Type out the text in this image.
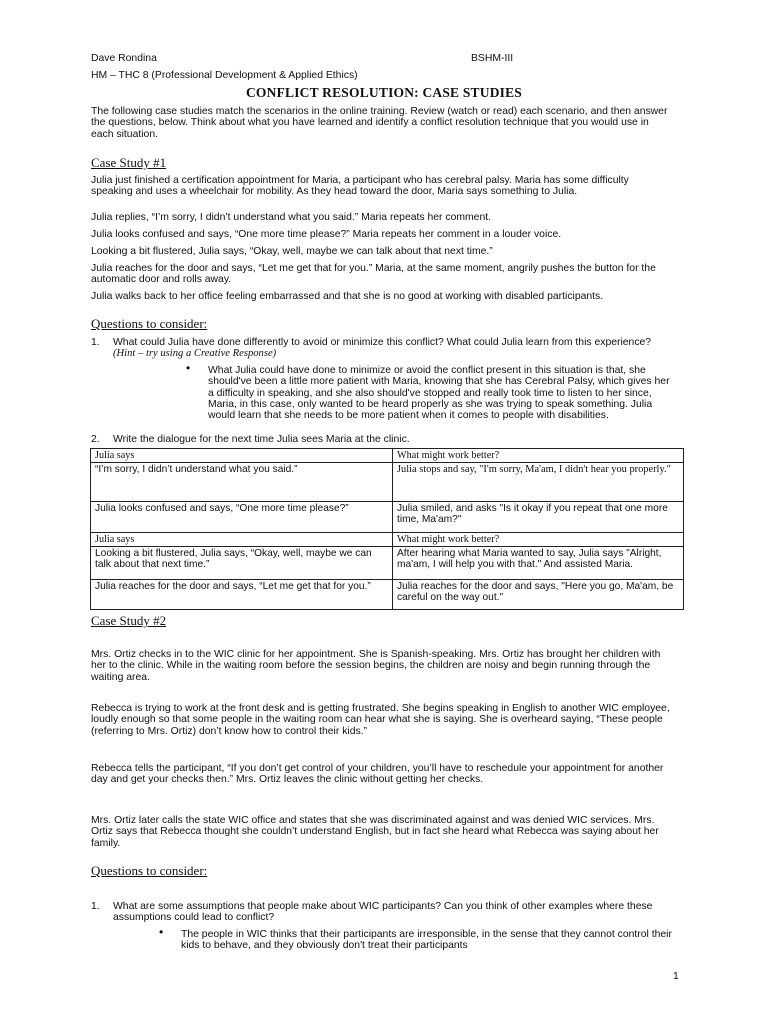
Dave Rondina	BSHM-III
HM – THC 8 (Professional Development & Applied Ethics)
CONFLICT RESOLUTION: CASE STUDIES

The following case studies match the scenarios in the online training. Review (watch or read) each scenario, and then answer the questions, below. Think about what you have learned and identify a conflict resolution technique that you would use in each situation.

Case Study #1

Julia just finished a certification appointment for Maria, a participant who has cerebral palsy. Maria has some difficulty speaking and uses a wheelchair for mobility. As they head toward the door, Maria says something to Julia.

Julia replies, “I’m sorry, I didn’t understand what you said.” Maria repeats her comment.

Julia looks confused and says, “One more time please?” Maria repeats her comment in a louder voice.

Looking a bit flustered, Julia says, “Okay, well, maybe we can talk about that next time.”

Julia reaches for the door and says, “Let me get that for you.” Maria, at the same moment, angrily pushes the button for the automatic door and rolls away.

Julia walks back to her office feeling embarrassed and that she is no good at working with disabled participants.

Questions to consider:
1. What could Julia have done differently to avoid or minimize this conflict? What could Julia learn from this experience? (Hint – try using a Creative Response)

• What Julia could have done to minimize or avoid the conflict present in this situation is that, she should've been a little more patient with Maria, knowing that she has Cerebral Palsy, which gives her a difficulty in speaking, and she also should've stopped and really took time to listen to her since, Maria, in this case, only wanted to be heard properly as she was trying to speak something. Julia would learn that she needs to be more patient when it comes to people with disabilities.

2. Write the dialogue for the next time Julia sees Maria at the clinic.

Julia says	What might work better?
“I’m sorry, I didn’t understand what you said.”	Julia stops and say, "I'm sorry, Ma'am, I didn't hear you properly."
Julia looks confused and says, “One more time please?”	Julia smiled, and asks "Is it okay if you repeat that one more time, Ma'am?"
Julia says	What might work better?
Looking a bit flustered, Julia says, “Okay, well, maybe we can talk about that next time.”	After hearing what Maria wanted to say, Julia says "Alright, ma'am, I will help you with that." And assisted Maria.
Julia reaches for the door and says, “Let me get that for you.”	Julia reaches for the door and says, "Here you go, Ma'am, be careful on the way out."
Case Study #2

Mrs. Ortiz checks in to the WIC clinic for her appointment. She is Spanish-speaking. Mrs. Ortiz has brought her children with her to the clinic. While in the waiting room before the session begins, the children are noisy and begin running through the waiting area.

Rebecca is trying to work at the front desk and is getting frustrated. She begins speaking in English to another WIC employee, loudly enough so that some people in the waiting room can hear what she is saying. She is overheard saying, “These people (referring to Mrs. Ortiz) don’t know how to control their kids.”

Rebecca tells the participant, “If you don’t get control of your children, you’ll have to reschedule your appointment for another day and get your checks then.” Mrs. Ortiz leaves the clinic without getting her checks.

Mrs. Ortiz later calls the state WIC office and states that she was discriminated against and was denied WIC services. Mrs. Ortiz says that Rebecca thought she couldn’t understand English, but in fact she heard what Rebecca was saying about her family.

Questions to consider:
1. What are some assumptions that people make about WIC participants? Can you think of other examples where these assumptions could lead to conflict?

• The people in WIC thinks that their participants are irresponsible, in the sense that they cannot control their kids to behave, and they obviously don't treat their participants

1
